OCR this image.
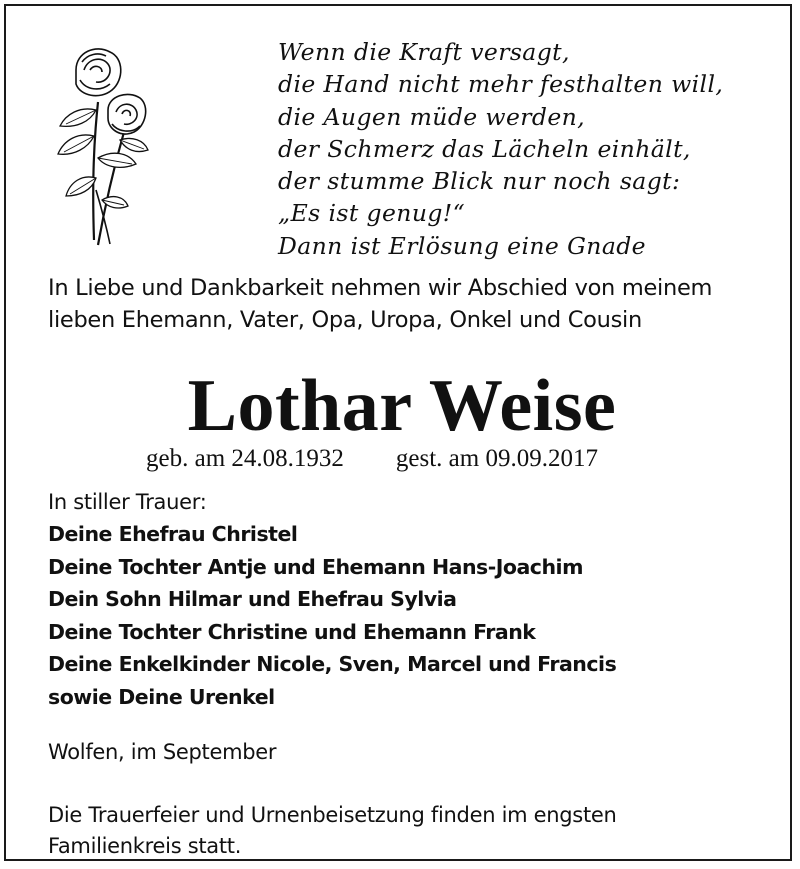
Wenn die Kraft versagt,
die Hand nicht mehr festhalten will,
die Augen müde werden,
der Schmerz das Lächeln einhält,
der stumme Blick nur noch sagt:
„Es ist genug!“
Dann ist Erlösung eine Gnade

In Liebe und Dankbarkeit nehmen wir Abschied von meinem
lieben Ehemann, Vater, Opa, Uropa, Onkel und Cousin

Lothar Weise
geb. am 24.08.1932 gest. am 09.09.2017
In stiller Trauer:
Deine Ehefrau Christel
Deine Tochter Antje und Ehemann Hans-Joachim
Dein Sohn Hilmar und Ehefrau Sylvia
Deine Tochter Christine und Ehemann Frank
Deine Enkelkinder Nicole, Sven, Marcel und Francis
sowie Deine Urenkel
Wolfen, im September

Die Trauerfeier und Urnenbeisetzung finden im engsten
Familienkreis statt.
